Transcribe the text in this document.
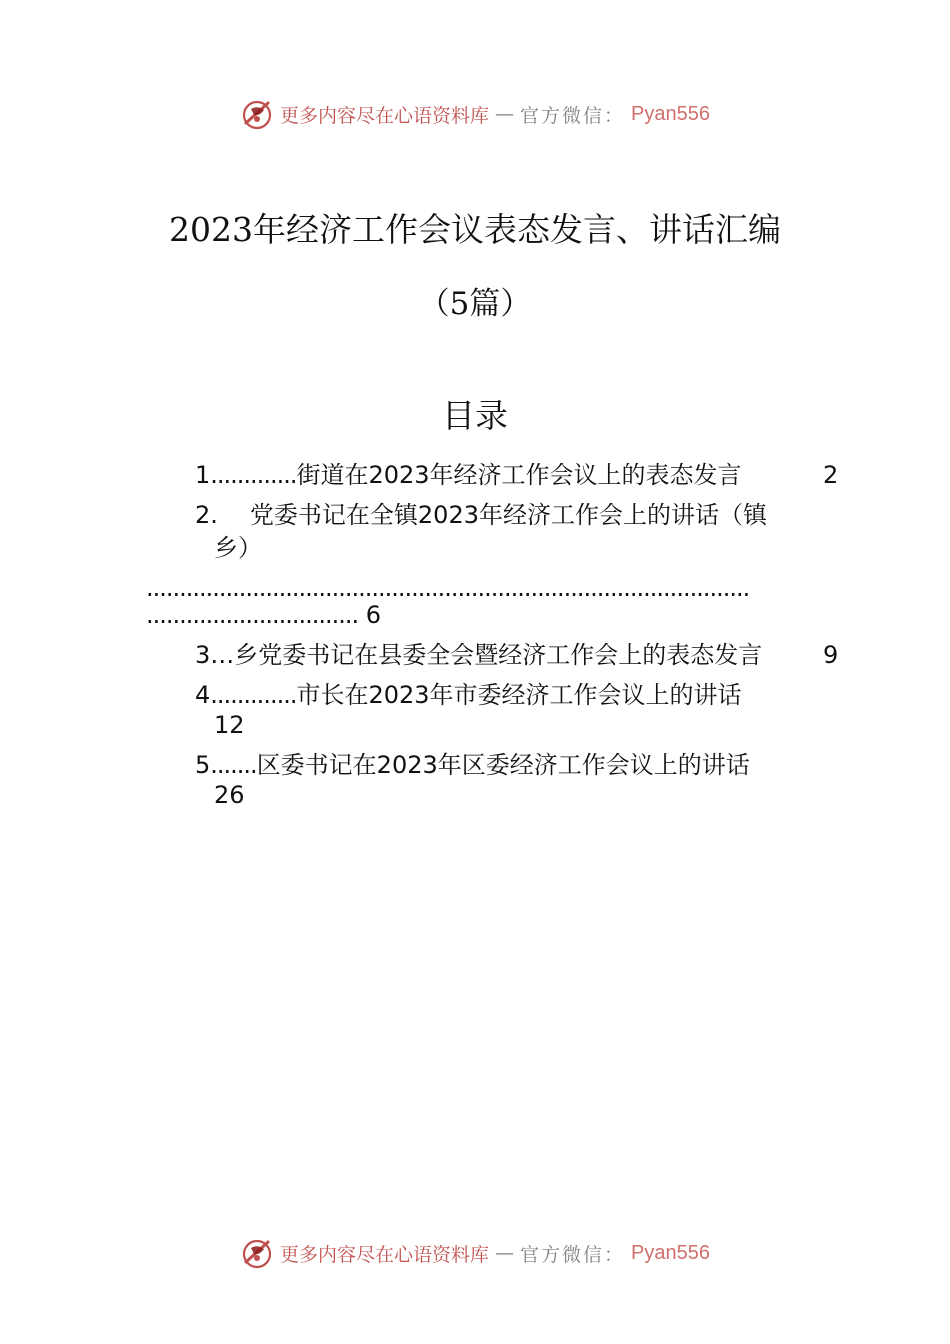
更多内容尽在心语资料库 — 官方微信： Pyan556
2023年经济工作会议表态发言、讲话汇编
（5篇）
目录
1.............街道在2023年经济工作会议上的表态发言	2
2. 党委书记在全镇2023年经济工作会上的讲话（镇
乡）
...........................................................................................
................................ 6
3…乡党委书记在县委全会暨经济工作会上的表态发言	9
4.............市长在2023年市委经济工作会议上的讲话
12
5.......区委书记在2023年区委经济工作会议上的讲话
26
更多内容尽在心语资料库 — 官方微信： Pyan556
